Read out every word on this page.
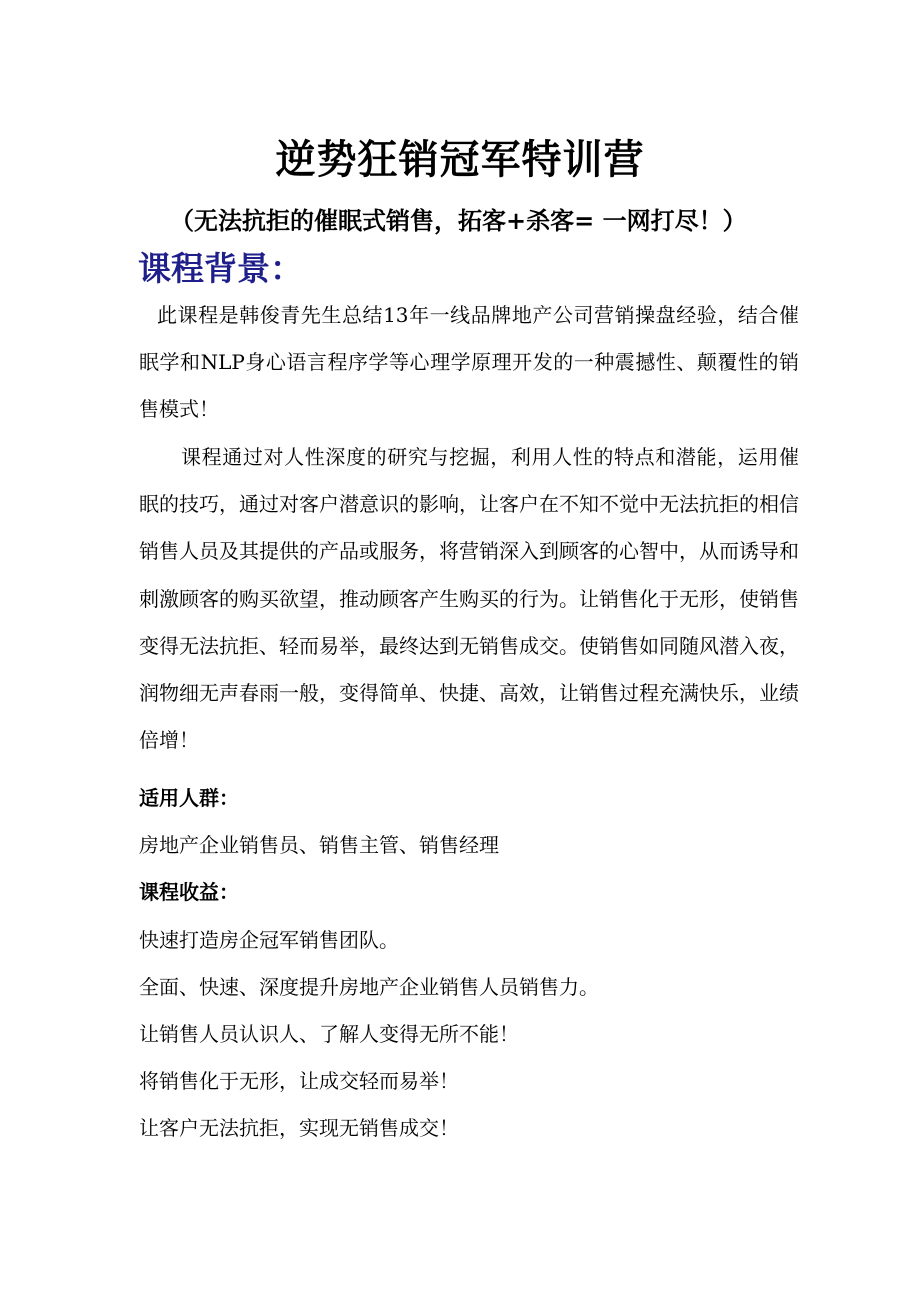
逆势狂销冠军特训营
（无法抗拒的催眠式销售，拓客+杀客= 一网打尽！）
课程背景：
此课程是韩俊青先生总结13年一线品牌地产公司营销操盘经验，结合催眠学和NLP身心语言程序学等心理学原理开发的一种震撼性、颠覆性的销售模式！
课程通过对人性深度的研究与挖掘，利用人性的特点和潜能，运用催眠的技巧，通过对客户潜意识的影响，让客户在不知不觉中无法抗拒的相信销售人员及其提供的产品或服务，将营销深入到顾客的心智中，从而诱导和刺激顾客的购买欲望，推动顾客产生购买的行为。让销售化于无形，使销售变得无法抗拒、轻而易举，最终达到无销售成交。使销售如同随风潜入夜，润物细无声春雨一般，变得简单、快捷、高效，让销售过程充满快乐，业绩倍增！
适用人群：
房地产企业销售员、销售主管、销售经理
课程收益：
快速打造房企冠军销售团队。
全面、快速、深度提升房地产企业销售人员销售力。
让销售人员认识人、了解人变得无所不能！
将销售化于无形，让成交轻而易举！
让客户无法抗拒，实现无销售成交！
